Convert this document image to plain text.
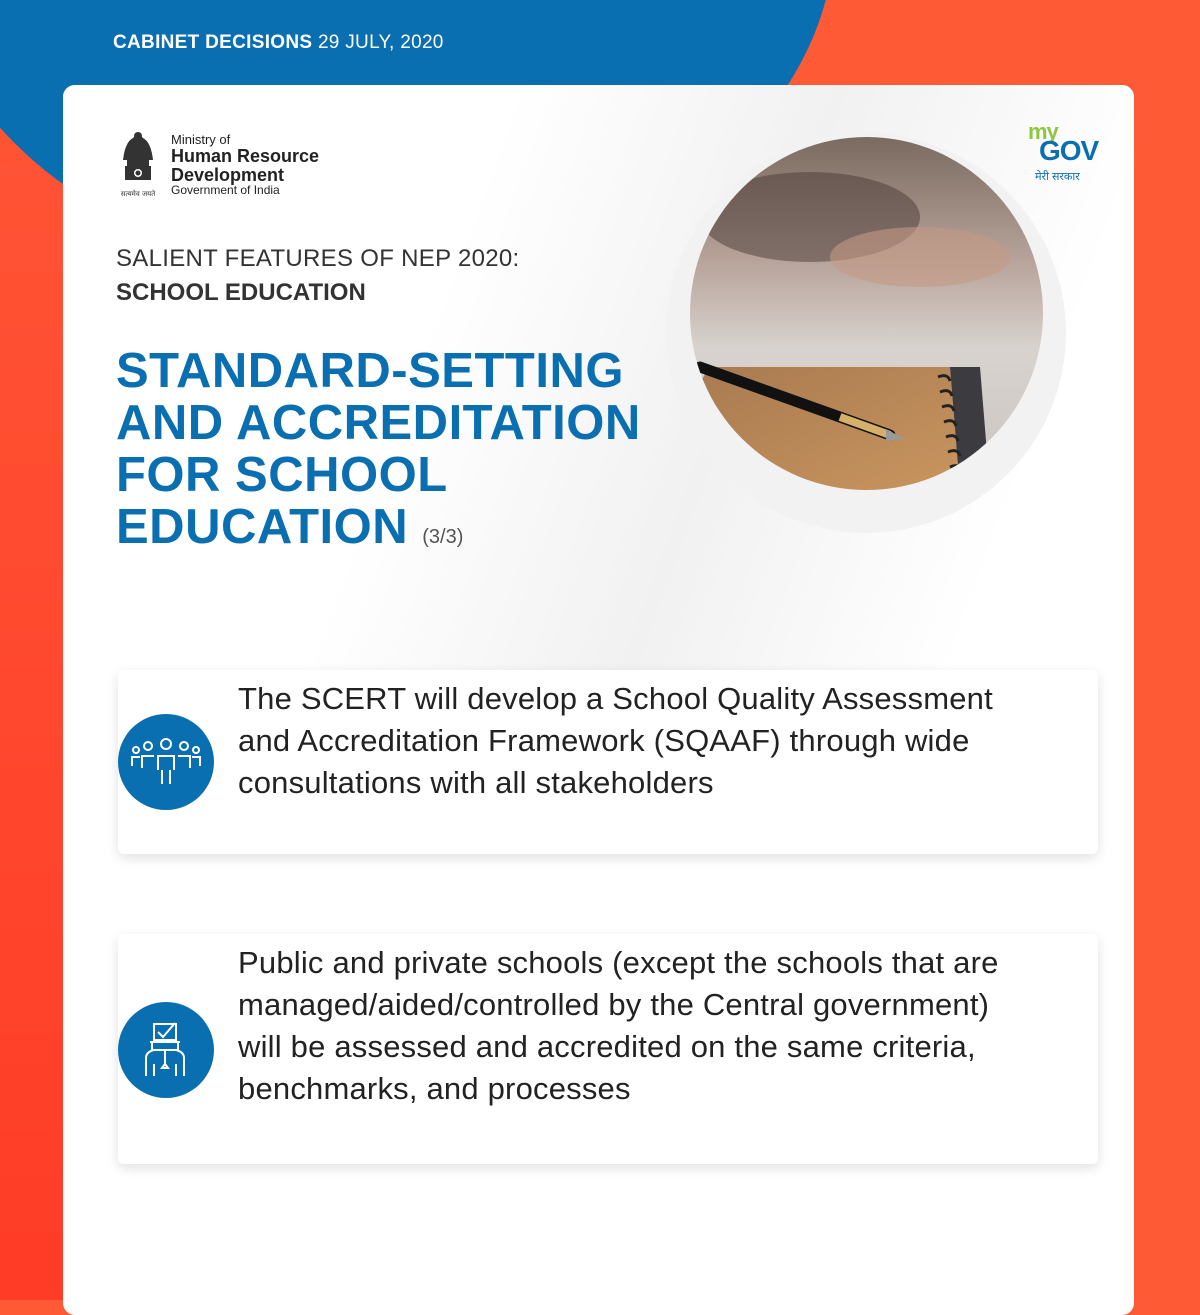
CABINET DECISIONS 29 JULY, 2020
सत्यमेव जयते
Ministry of
Human Resource
Development
Government of India
my
GOV
मेरी सरकार
SALIENT FEATURES OF NEP 2020:
SCHOOL EDUCATION
STANDARD-SETTING AND ACCREDITATION FOR SCHOOL EDUCATION (3/3)
The SCERT will develop a School Quality Assessment and Accreditation Framework (SQAAF) through wide consultations with all stakeholders
Public and private schools (except the schools that are managed/aided/controlled by the Central government) will be assessed and accredited on the same criteria, benchmarks, and processes
